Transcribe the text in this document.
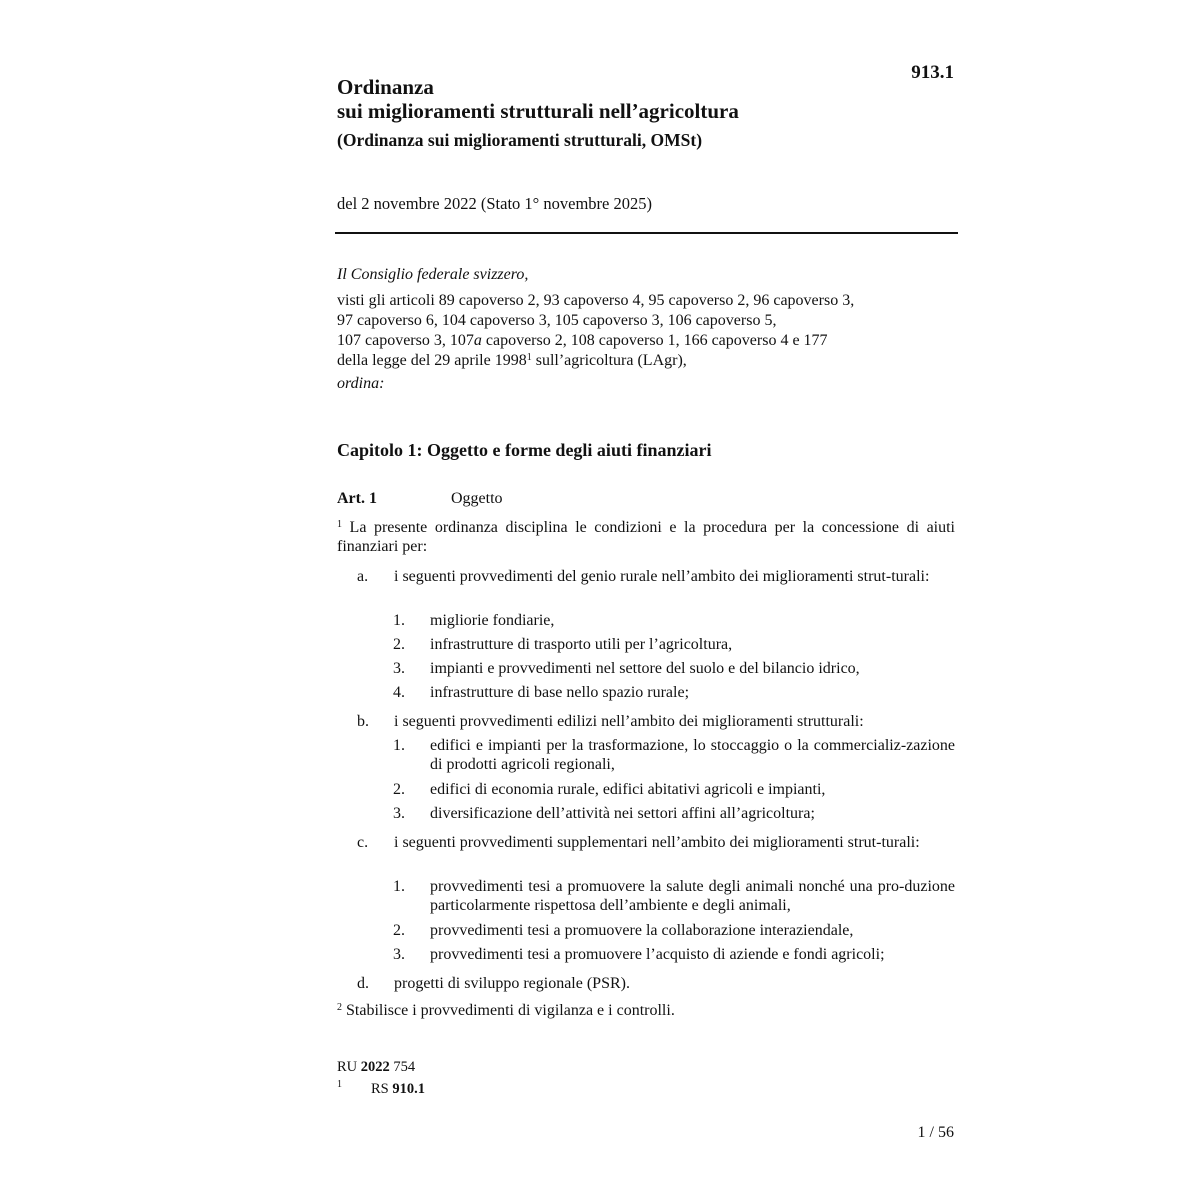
913.1
Ordinanza
sui miglioramenti strutturali nell’agricoltura
(Ordinanza sui miglioramenti strutturali, OMSt)
del 2 novembre 2022 (Stato 1° novembre 2025)
Il Consiglio federale svizzero,
visti gli articoli 89 capoverso 2, 93 capoverso 4, 95 capoverso 2, 96 capoverso 3,
97 capoverso 6, 104 capoverso 3, 105 capoverso 3, 106 capoverso 5,
107 capoverso 3, 107a capoverso 2, 108 capoverso 1, 166 capoverso 4 e 177
della legge del 29 aprile 1998$^1$ sull’agricoltura (LAgr),
ordina:
Capitolo 1: Oggetto e forme degli aiuti finanziari
Art. 1	Oggetto
$^1$ La presente ordinanza disciplina le condizioni e la procedura per la concessione di aiuti finanziari per:
a. i seguenti provvedimenti del genio rurale nell’ambito dei miglioramenti strut-turali:
1. migliorie fondiarie,
2. infrastrutture di trasporto utili per l’agricoltura,
3. impianti e provvedimenti nel settore del suolo e del bilancio idrico,
4. infrastrutture di base nello spazio rurale;
b. i seguenti provvedimenti edilizi nell’ambito dei miglioramenti strutturali:
1. edifici e impianti per la trasformazione, lo stoccaggio o la commercializ-zazione di prodotti agricoli regionali,
2. edifici di economia rurale, edifici abitativi agricoli e impianti,
3. diversificazione dell’attività nei settori affini all’agricoltura;
c. i seguenti provvedimenti supplementari nell’ambito dei miglioramenti strut-turali:
1. provvedimenti tesi a promuovere la salute degli animali nonché una pro-duzione particolarmente rispettosa dell’ambiente e degli animali,
2. provvedimenti tesi a promuovere la collaborazione interaziendale,
3. provvedimenti tesi a promuovere l’acquisto di aziende e fondi agricoli;
d. progetti di sviluppo regionale (PSR).
$^2$ Stabilisce i provvedimenti di vigilanza e i controlli.
RU 2022 754
1 RS 910.1
1 / 56
